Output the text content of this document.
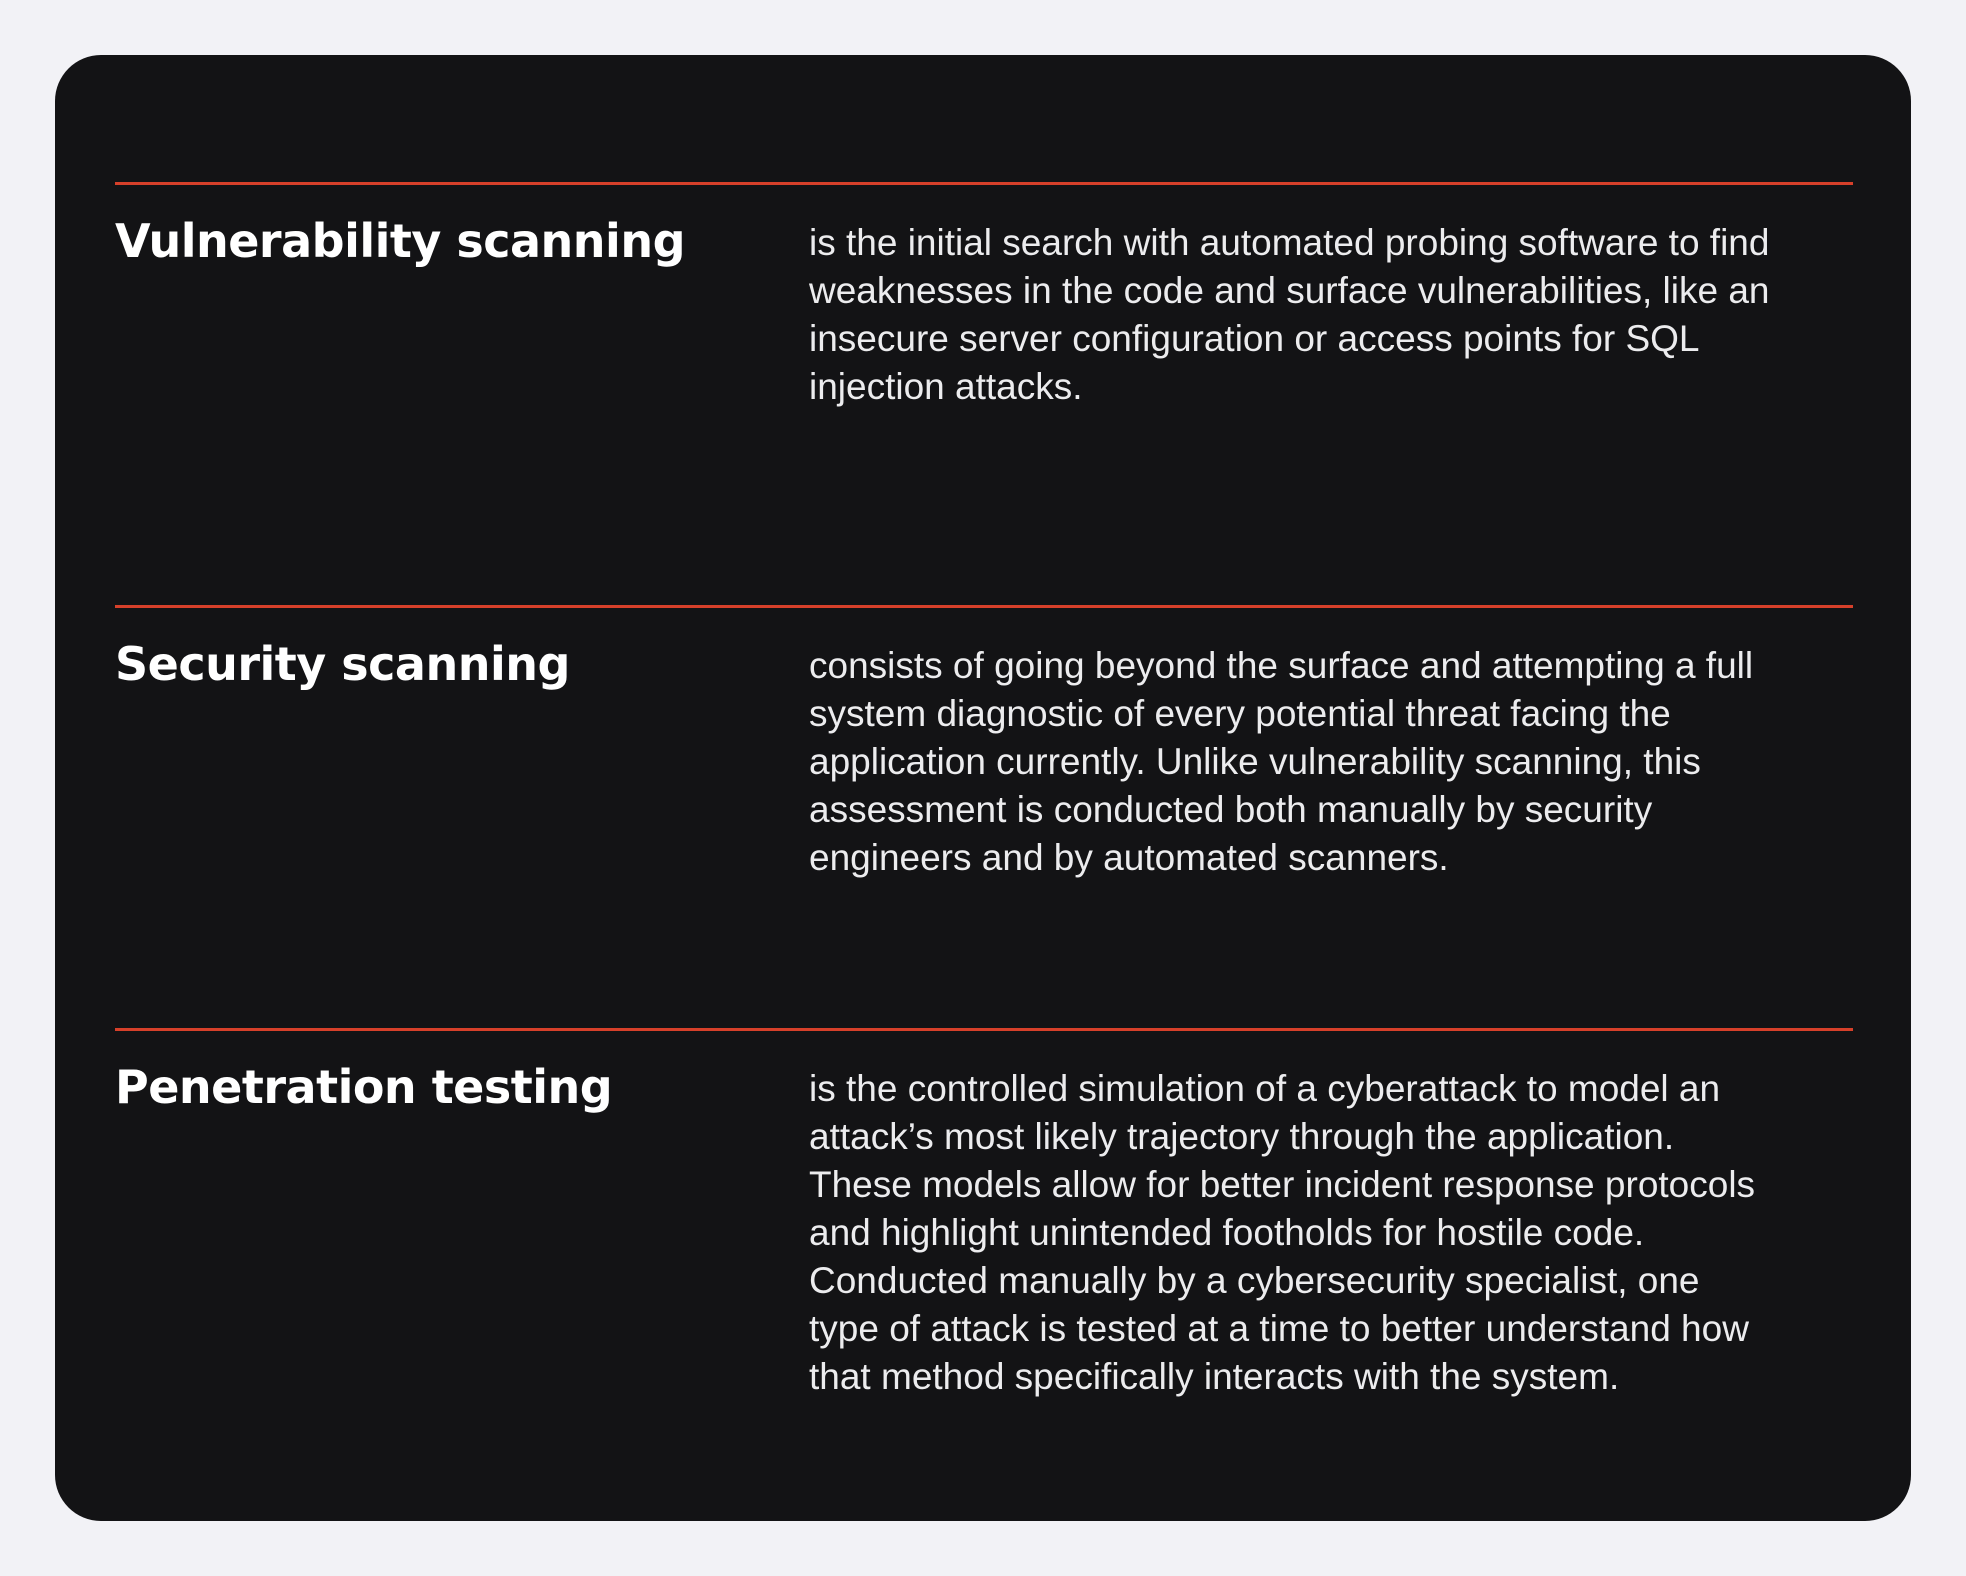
Vulnerability scanning	is the initial search with automated probing software to find
weaknesses in the code and surface vulnerabilities, like an
insecure server configuration or access points for SQL
injection attacks.

Security scanning	consists of going beyond the surface and attempting a full
system diagnostic of every potential threat facing the
application currently. Unlike vulnerability scanning, this
assessment is conducted both manually by security
engineers and by automated scanners.

Penetration testing	is the controlled simulation of a cyberattack to model an
attack’s most likely trajectory through the application.
These models allow for better incident response protocols
and highlight unintended footholds for hostile code.
Conducted manually by a cybersecurity specialist, one
type of attack is tested at a time to better understand how
that method specifically interacts with the system.
